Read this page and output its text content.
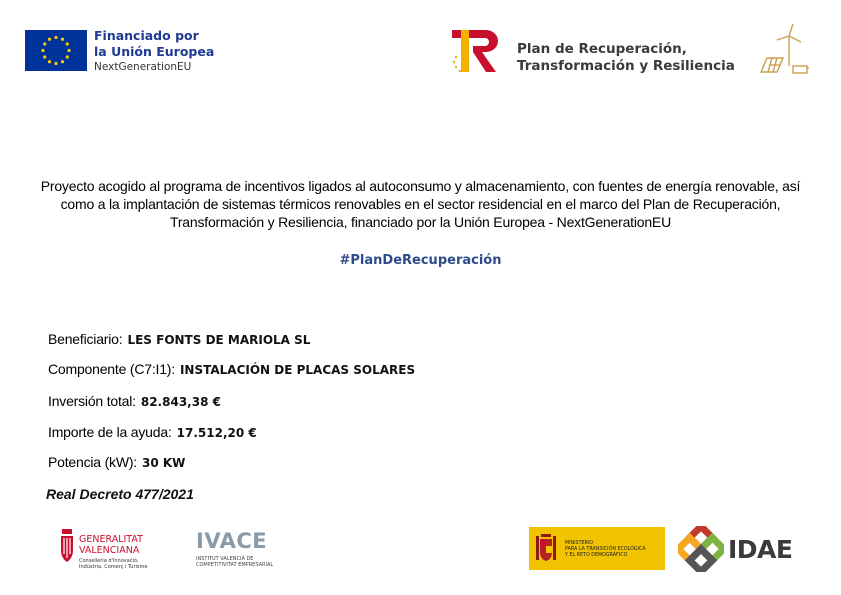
Financiado por
la Unión Europea
NextGenerationEU
Plan de Recuperación,
Transformación y Resiliencia
Proyecto acogido al programa de incentivos ligados al autoconsumo y almacenamiento, con fuentes de energía renovable, así como a la implantación de sistemas térmicos renovables en el sector residencial en el marco del Plan de Recuperación, Transformación y Resiliencia, financiado por la Unión Europea - NextGenerationEU
#PlanDeRecuperación
Beneficiario: LES FONTS DE MARIOLA SL
Componente (C7:I1): INSTALACIÓN DE PLACAS SOLARES
Inversión total: 82.843,38 €
Importe de la ayuda: 17.512,20 €
Potencia (kW): 30 KW
Real Decreto 477/2021
GENERALITAT
VALENCIANA
Conselleria d'Innovació,
Indústria, Comerç i Turisme
IVACE
INSTITUT VALENCIÀ DE
COMPETITIVITAT EMPRESARIAL
MINISTERIO
PARA LA TRANSICIÓN ECOLÓGICA
Y EL RETO DEMOGRÁFICO	IDAE
